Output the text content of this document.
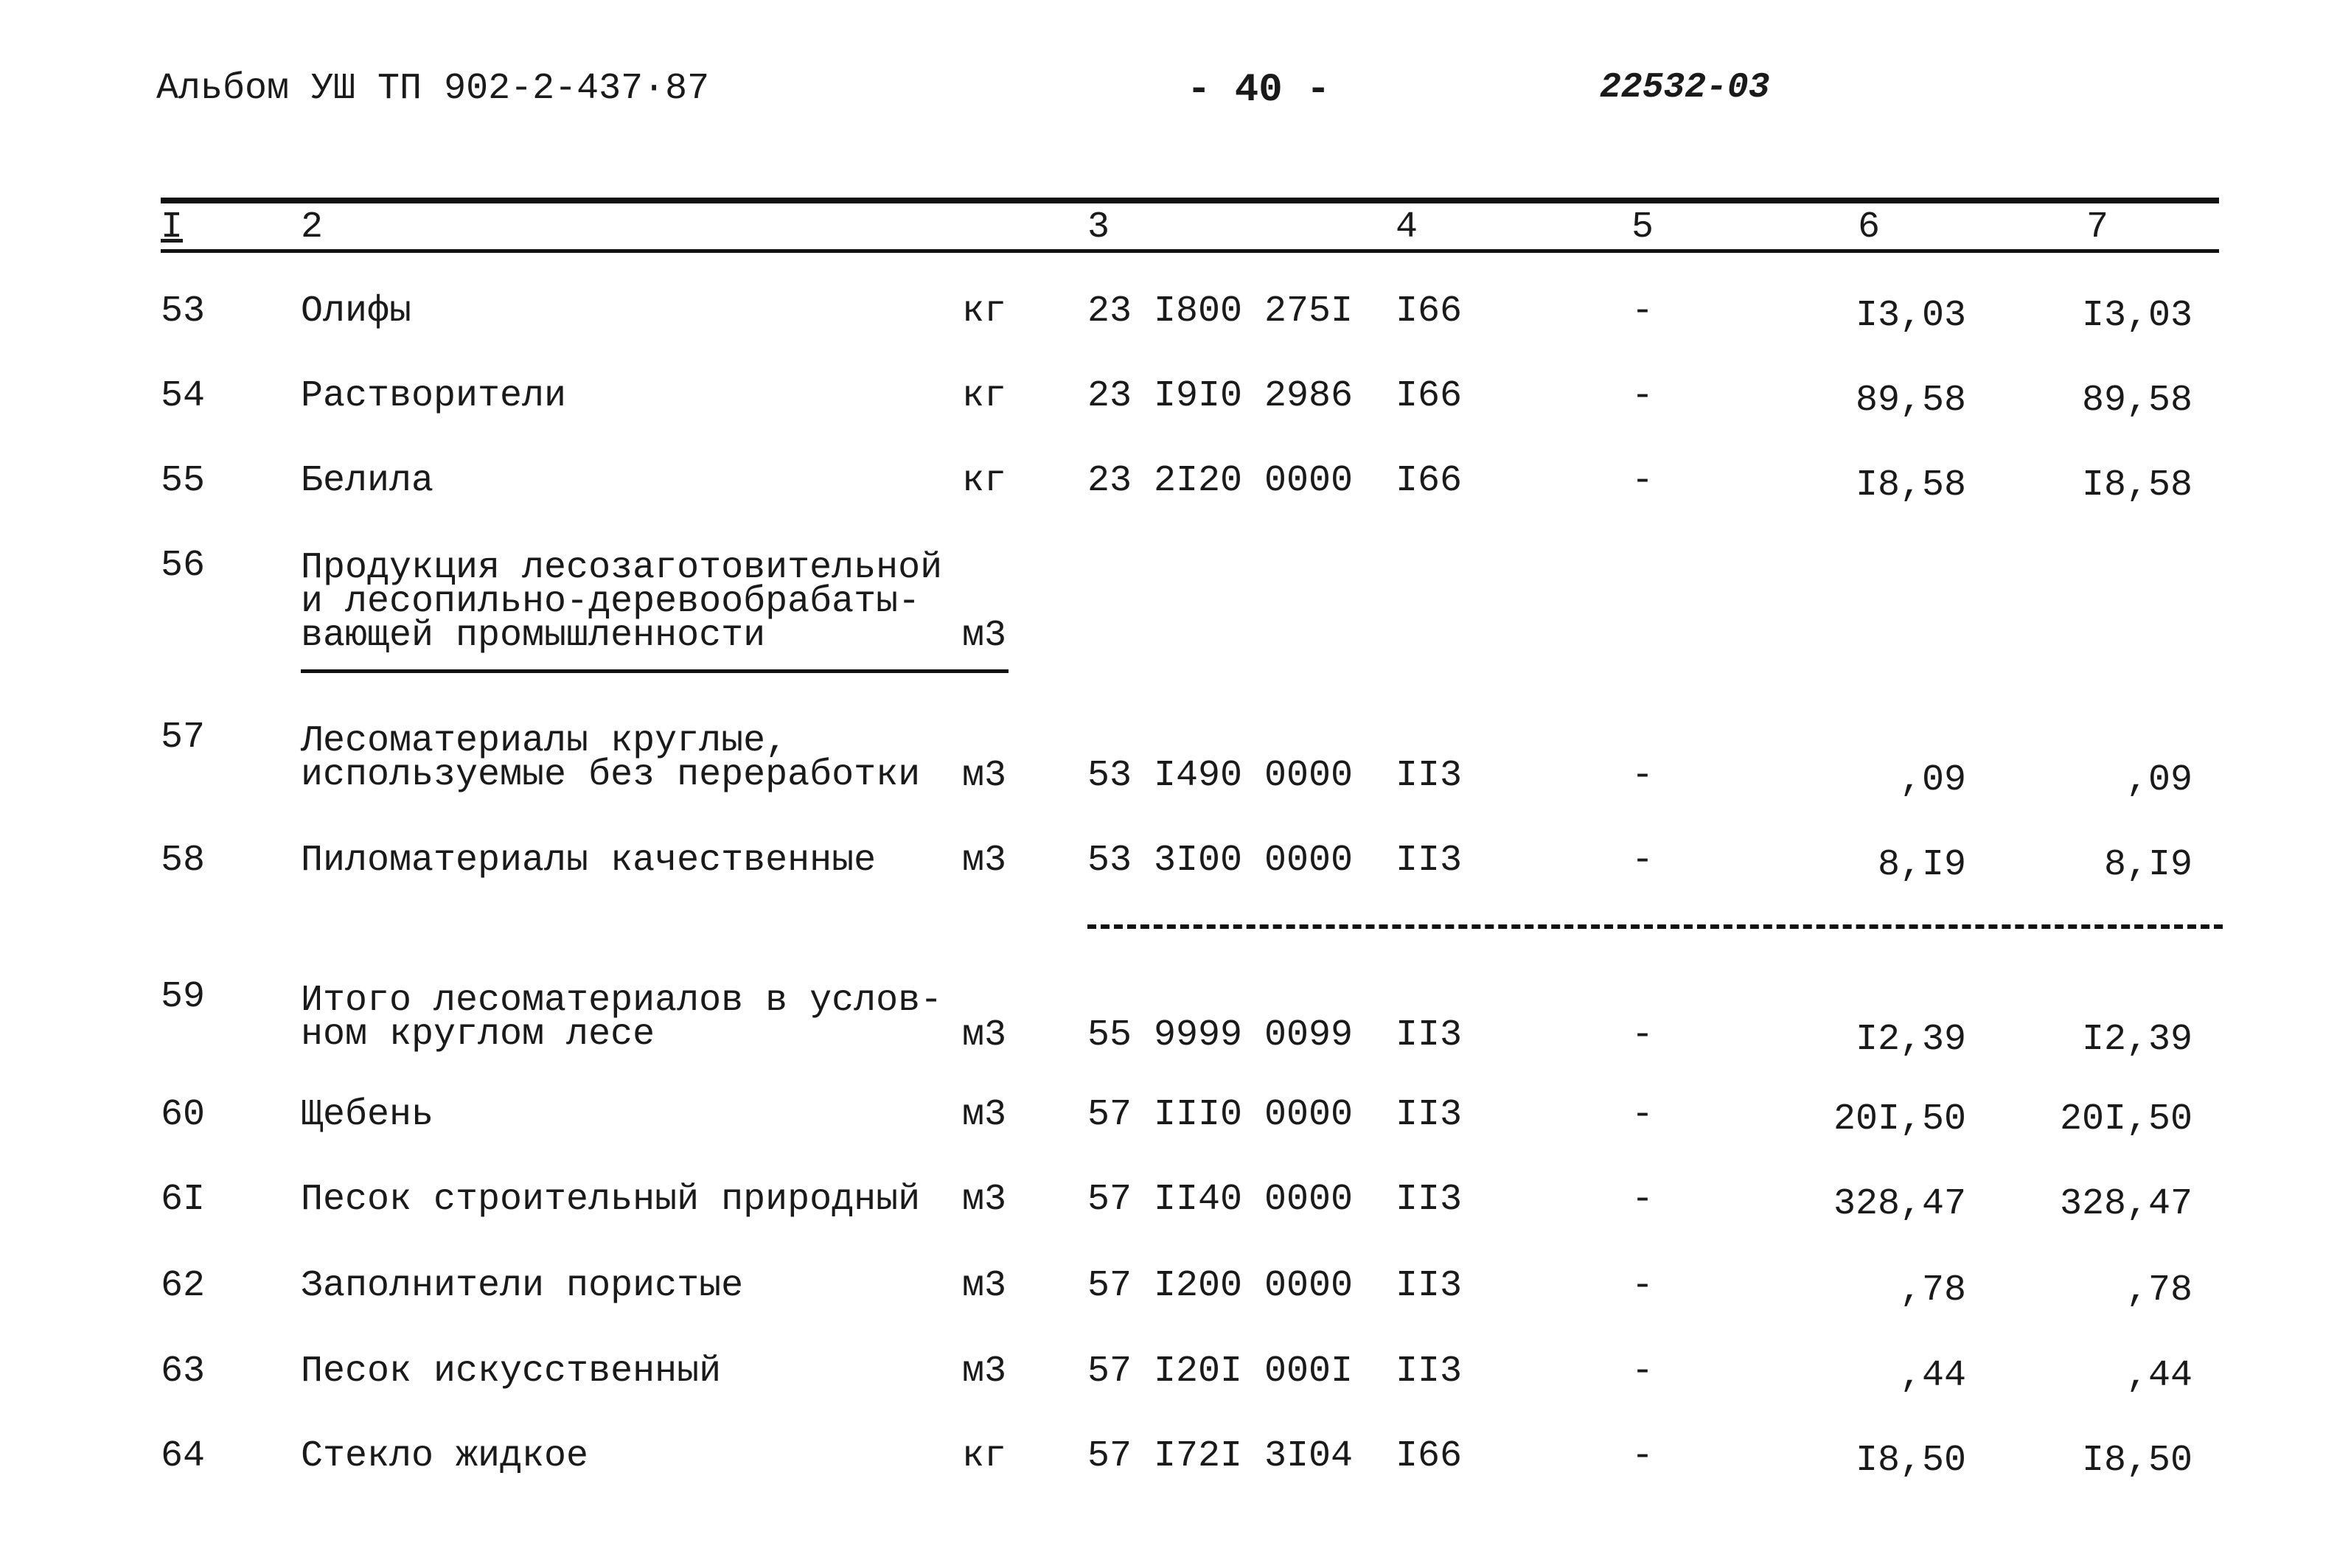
Альбом УШ ТП 902-2-437·87	- 40 -	22532-03
I	2	3	4	5	6	7
53	Олифы	кг 23 I800 275I I66	-	I3,03	I3,03
54	Растворители	кг 23 I9I0 2986 I66	-	89,58	89,58
55	Белила	кг 23 2I20 0000 I66	-	I8,58	I8,58
56	Продукция лесозаготовительной
и лесопильно-деревообрабаты-
вающей промышленности	м3
57	Лесоматериалы круглые,
используемые без переработки м3 53 I490 0000 II3	-	,09	,09
58	Пиломатериалы качественные м3 53 3I00 0000 II3	-	8,I9	8,I9
59	Итого лесоматериалов в услов-
ном круглом лесе	м3 55 9999 0099 II3	-	I2,39	I2,39
60	Щебень	м3 57 III0 0000 II3	-	20I,50	20I,50
6I	Песок строительный природный м3 57 II40 0000 II3	-	328,47	328,47
62	Заполнители пористые	м3 57 I200 0000 II3	-	,78	,78
63	Песок искусственный	м3 57 I20I 000I II3	-	,44	,44
64	Стекло жидкое	кг 57 I72I 3I04 I66	-	I8,50	I8,50
